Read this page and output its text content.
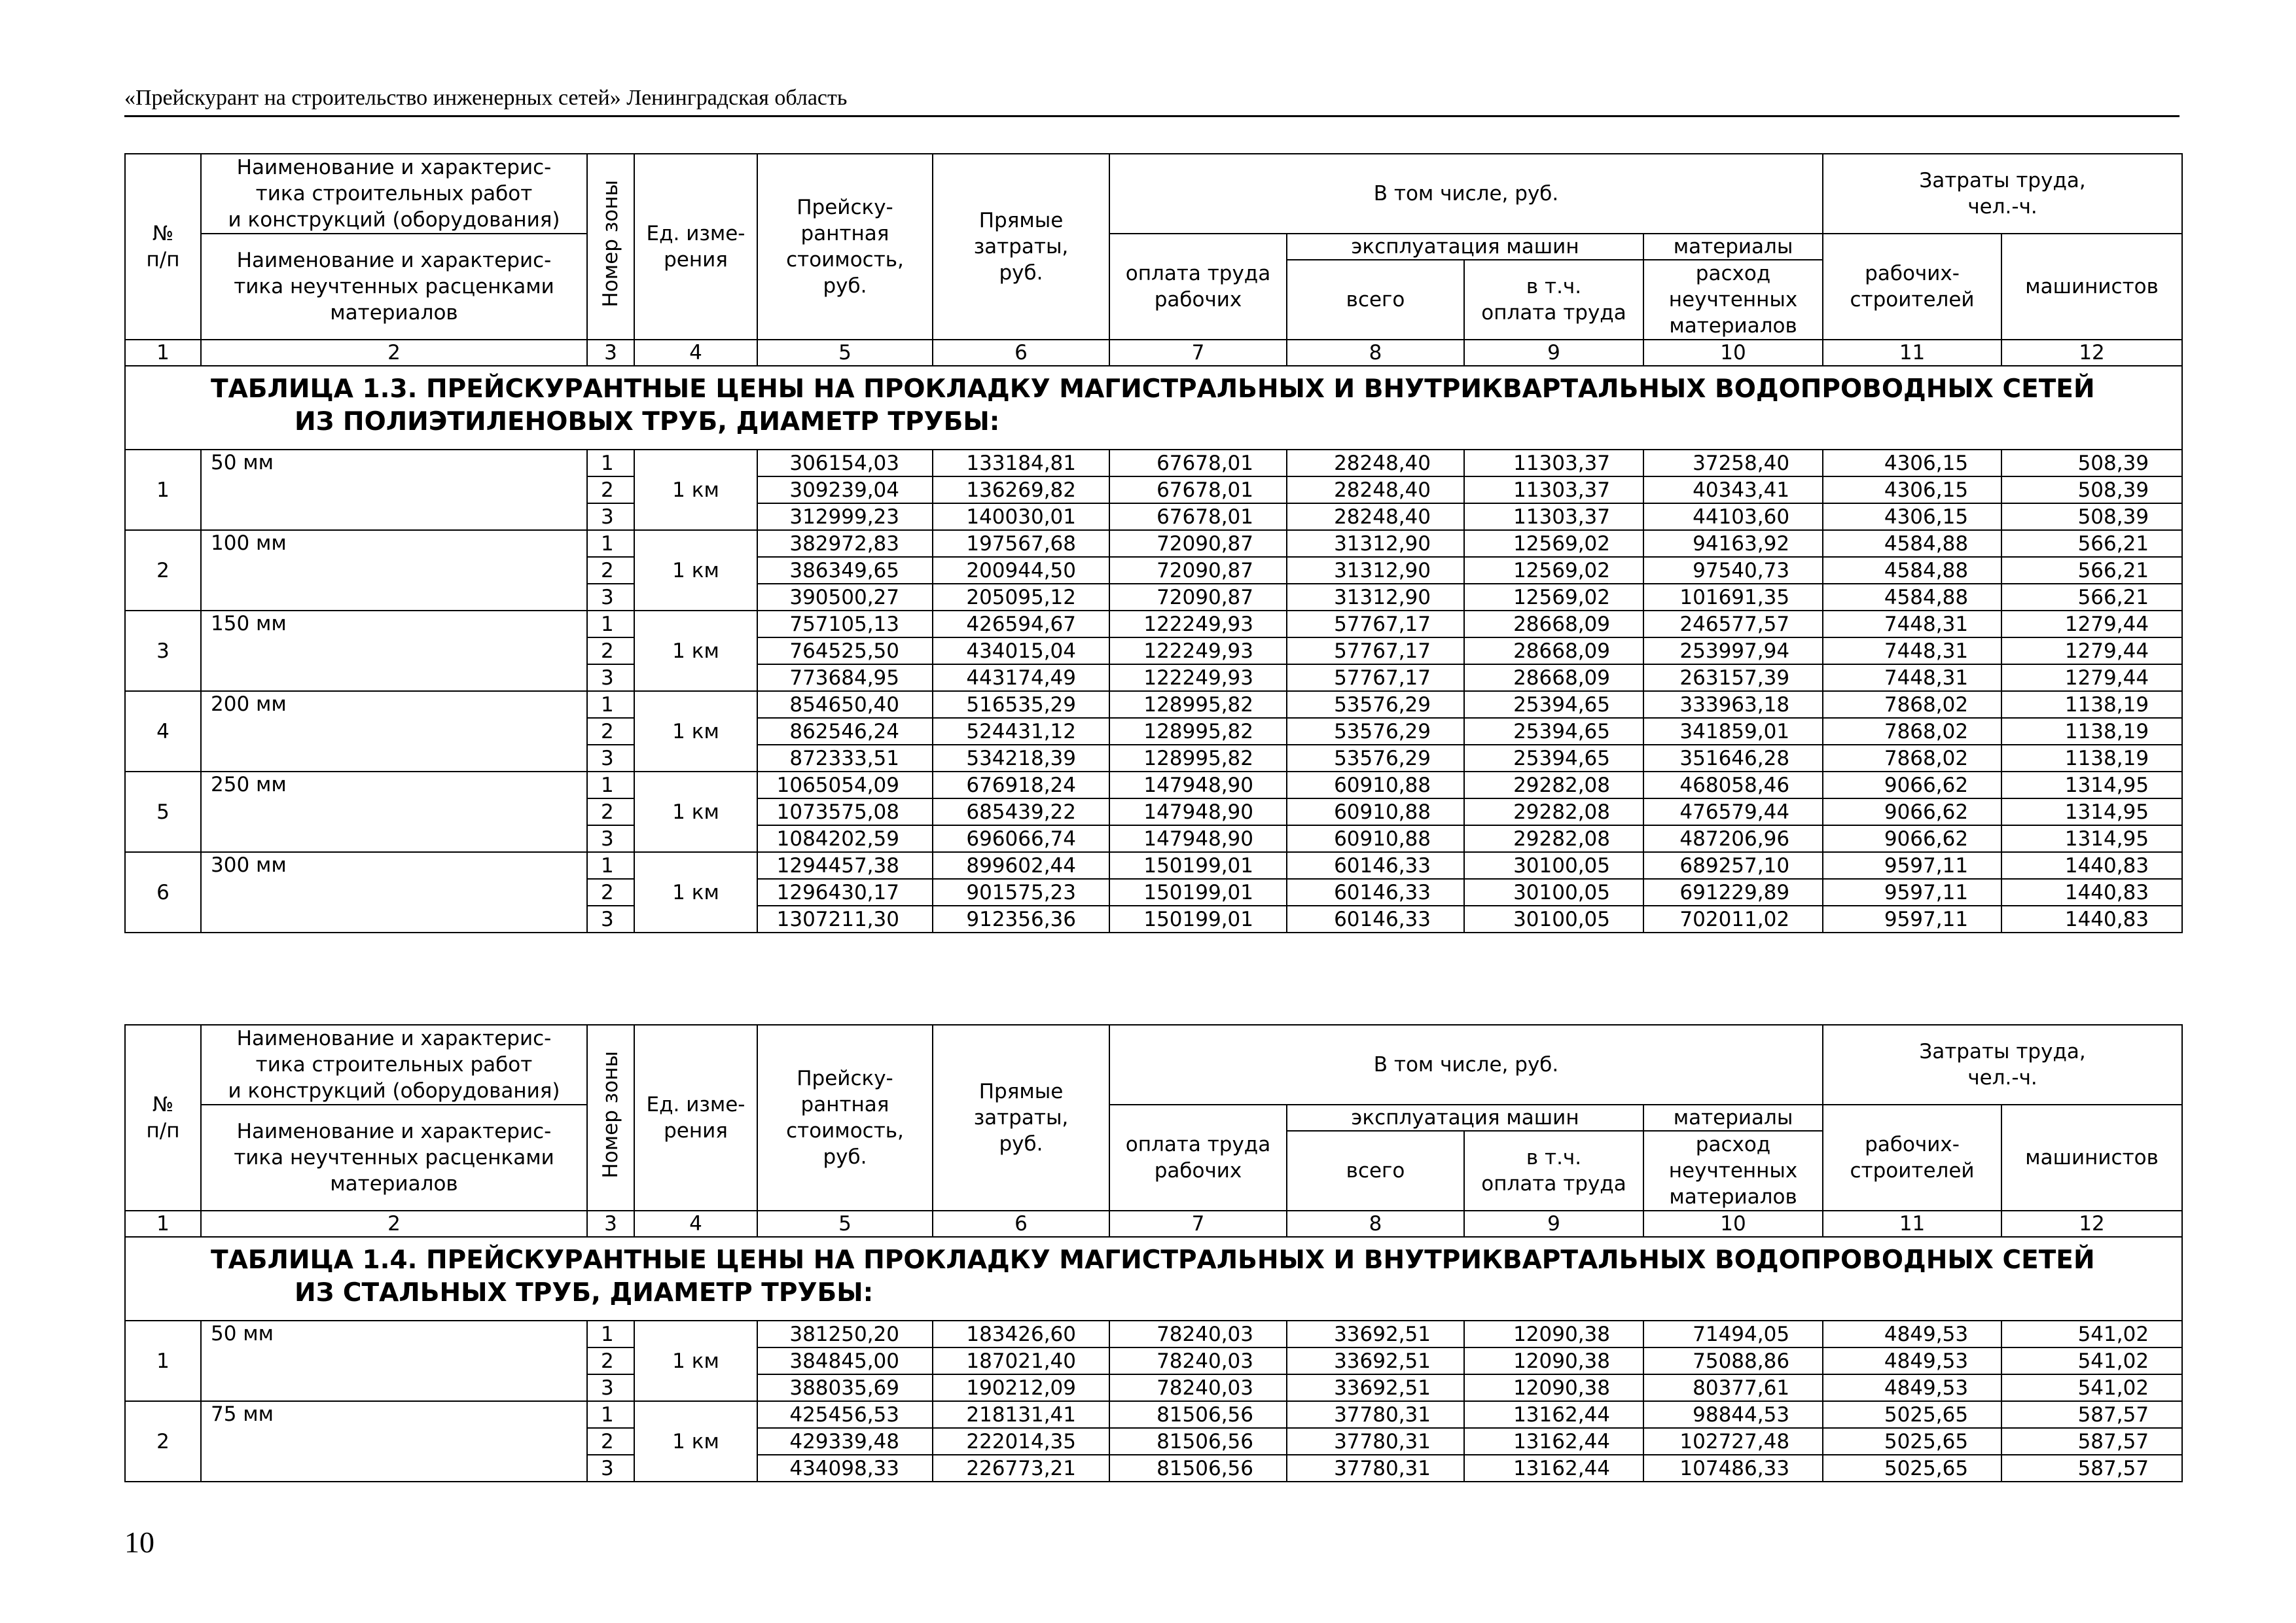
«Прейскурант на строительство инженерных сетей» Ленинградская область
№
п/п	Наименование и характерис-
тика строительных работ
и конструкций (оборудования)	Номер зоны	Ед. изме-
рения	Прейску-
рантная
стоимость,
руб.	Прямые
затраты,
руб.	В том числе, руб.				Затраты труда,
чел.-ч.	

	Наименование и характерис-
тика неучтенных расценками
материалов					оплата труда
рабочих	эксплуатация машин		материалы	рабочих-
строителей	машинистов
							всего	в т.ч.
оплата труда	расход
неучтенных
материалов		
1	2	3	4	5	6	7	8	9	10	11	12

ТАБЛИЦА 1.3. ПРЕЙСКУРАНТНЫЕ ЦЕНЫ НА ПРОКЛАДКУ МАГИСТРАЛЬНЫХ И ВНУТРИКВАРТАЛЬНЫХ ВОДОПРОВОДНЫХ СЕТЕЙ
ИЗ ПОЛИЭТИЛЕНОВЫХ ТРУБ, ДИАМЕТР ТРУБЫ:											

1	50 мм	1	1 км	306154,03	133184,81	67678,01	28248,40	11303,37	37258,40	4306,15	508,39
		2		309239,04	136269,82	67678,01	28248,40	11303,37	40343,41	4306,15	508,39
		3		312999,23	140030,01	67678,01	28248,40	11303,37	44103,60	4306,15	508,39
2	100 мм	1	1 км	382972,83	197567,68	72090,87	31312,90	12569,02	94163,92	4584,88	566,21
		2		386349,65	200944,50	72090,87	31312,90	12569,02	97540,73	4584,88	566,21
		3		390500,27	205095,12	72090,87	31312,90	12569,02	101691,35	4584,88	566,21
3	150 мм	1	1 км	757105,13	426594,67	122249,93	57767,17	28668,09	246577,57	7448,31	1279,44
		2		764525,50	434015,04	122249,93	57767,17	28668,09	253997,94	7448,31	1279,44
		3		773684,95	443174,49	122249,93	57767,17	28668,09	263157,39	7448,31	1279,44
4	200 мм	1	1 км	854650,40	516535,29	128995,82	53576,29	25394,65	333963,18	7868,02	1138,19
		2		862546,24	524431,12	128995,82	53576,29	25394,65	341859,01	7868,02	1138,19
		3		872333,51	534218,39	128995,82	53576,29	25394,65	351646,28	7868,02	1138,19
5	250 мм	1	1 км	1065054,09	676918,24	147948,90	60910,88	29282,08	468058,46	9066,62	1314,95
		2		1073575,08	685439,22	147948,90	60910,88	29282,08	476579,44	9066,62	1314,95
		3		1084202,59	696066,74	147948,90	60910,88	29282,08	487206,96	9066,62	1314,95
6	300 мм	1	1 км	1294457,38	899602,44	150199,01	60146,33	30100,05	689257,10	9597,11	1440,83
		2		1296430,17	901575,23	150199,01	60146,33	30100,05	691229,89	9597,11	1440,83
		3		1307211,30	912356,36	150199,01	60146,33	30100,05	702011,02	9597,11	1440,83
№
п/п	Наименование и характерис-
тика строительных работ
и конструкций (оборудования)	Номер зоны	Ед. изме-
рения	Прейску-
рантная
стоимость,
руб.	Прямые
затраты,
руб.	В том числе, руб.				Затраты труда,
чел.-ч.	

	Наименование и характерис-
тика неучтенных расценками
материалов					оплата труда
рабочих	эксплуатация машин		материалы	рабочих-
строителей	машинистов
							всего	в т.ч.
оплата труда	расход
неучтенных
материалов		
1	2	3	4	5	6	7	8	9	10	11	12

ТАБЛИЦА 1.4. ПРЕЙСКУРАНТНЫЕ ЦЕНЫ НА ПРОКЛАДКУ МАГИСТРАЛЬНЫХ И ВНУТРИКВАРТАЛЬНЫХ ВОДОПРОВОДНЫХ СЕТЕЙ
ИЗ СТАЛЬНЫХ ТРУБ, ДИАМЕТР ТРУБЫ:											

1	50 мм	1	1 км	381250,20	183426,60	78240,03	33692,51	12090,38	71494,05	4849,53	541,02
		2		384845,00	187021,40	78240,03	33692,51	12090,38	75088,86	4849,53	541,02
		3		388035,69	190212,09	78240,03	33692,51	12090,38	80377,61	4849,53	541,02
2	75 мм	1	1 км	425456,53	218131,41	81506,56	37780,31	13162,44	98844,53	5025,65	587,57
		2		429339,48	222014,35	81506,56	37780,31	13162,44	102727,48	5025,65	587,57
		3		434098,33	226773,21	81506,56	37780,31	13162,44	107486,33	5025,65	587,57
10
